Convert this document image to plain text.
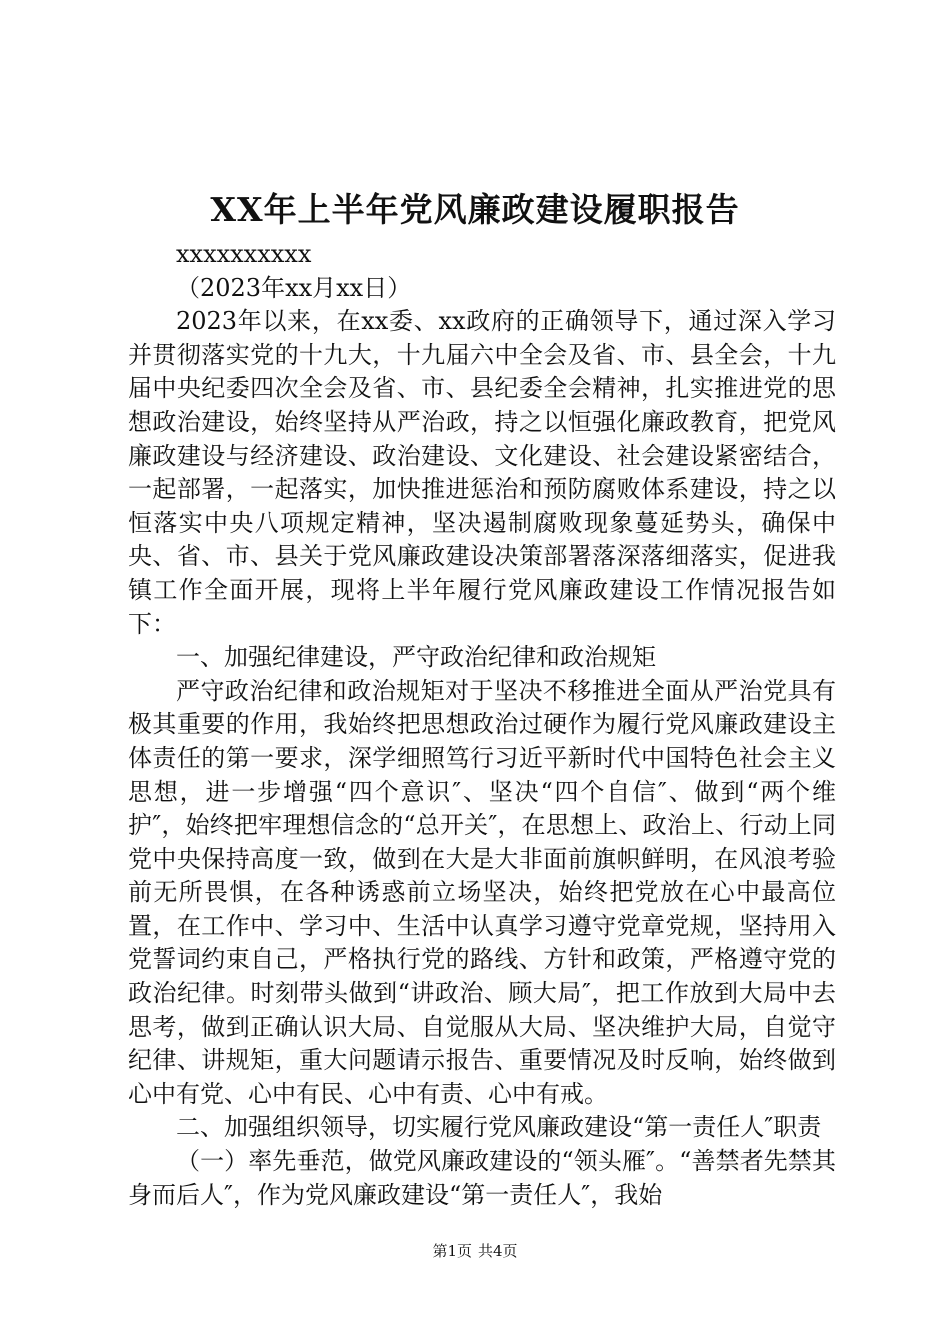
XX年上半年党风廉政建设履职报告

xxxxxxxxxx

（2023年xx月xx日）

2023年以来，在xx委、xx政府的正确领导下，通过深入学习并贯彻落实党的十九大，十九届六中全会及省、市、县全会，十九届中央纪委四次全会及省、市、县纪委全会精神，扎实推进党的思想政治建设，始终坚持从严治政，持之以恒强化廉政教育，把党风廉政建设与经济建设、政治建设、文化建设、社会建设紧密结合，一起部署，一起落实，加快推进惩治和预防腐败体系建设，持之以恒落实中央八项规定精神，坚决遏制腐败现象蔓延势头，确保中央、省、市、县关于党风廉政建设决策部署落深落细落实，促进我镇工作全面开展，现将上半年履行党风廉政建设工作情况报告如下：

一、加强纪律建设，严守政治纪律和政治规矩

严守政治纪律和政治规矩对于坚决不移推进全面从严治党具有极其重要的作用，我始终把思想政治过硬作为履行党风廉政建设主体责任的第一要求，深学细照笃行习近平新时代中国特色社会主义思想，进一步增强“四个意识″、坚决“四个自信″、做到“两个维护″，始终把牢理想信念的“总开关″，在思想上、政治上、行动上同党中央保持高度一致，做到在大是大非面前旗帜鲜明，在风浪考验前无所畏惧，在各种诱惑前立场坚决，始终把党放在心中最高位置，在工作中、学习中、生活中认真学习遵守党章党规，坚持用入党誓词约束自己，严格执行党的路线、方针和政策，严格遵守党的政治纪律。时刻带头做到“讲政治、顾大局″，把工作放到大局中去思考，做到正确认识大局、自觉服从大局、坚决维护大局，自觉守纪律、讲规矩，重大问题请示报告、重要情况及时反响，始终做到心中有党、心中有民、心中有责、心中有戒。

二、加强组织领导，切实履行党风廉政建设“第一责任人″职责

（一）率先垂范，做党风廉政建设的“领头雁″。“善禁者先禁其身而后人″，作为党风廉政建设“第一责任人″，我始

第1页 共4页
